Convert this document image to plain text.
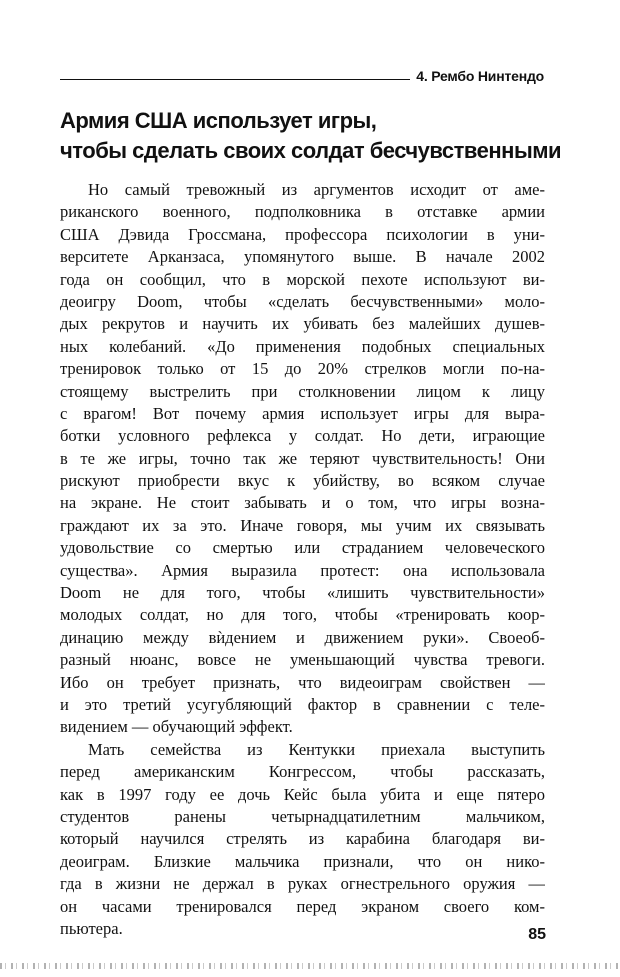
4. Рембо Нинтендо
Армия США использует игры,
чтобы сделать своих солдат бесчувственными
Но самый тревожный из аргументов исходит от аме-
риканского военного, подполковника в отставке армии
США Дэвида Гроссмана, профессора психологии в уни-
верситете Арканзаса, упомянутого выше. В начале 2002
года он сообщил, что в морской пехоте используют ви-
деоигру Doom, чтобы «сделать бесчувственными» моло-
дых рекрутов и научить их убивать без малейших душев-
ных колебаний. «До применения подобных специальных
тренировок только от 15 до 20% стрелков могли по-на-
стоящему выстрелить при столкновении лицом к лицу
с врагом! Вот почему армия использует игры для выра-
ботки условного рефлекса у солдат. Но дети, играющие
в те же игры, точно так же теряют чувствительность! Они
рискуют приобрести вкус к убийству, во всяком случае
на экране. Не стоит забывать и о том, что игры возна-
граждают их за это. Иначе говоря, мы учим их связывать
удовольствие со смертью или страданием человеческого
существа». Армия выразила протест: она использовала
Doom не для того, чтобы «лишить чувствительности»
молодых солдат, но для того, чтобы «тренировать коор-
динацию между вѝдением и движением руки». Своеоб-
разный нюанс, вовсе не уменьшающий чувства тревоги.
Ибо он требует признать, что видеоиграм свойствен —
и это третий усугубляющий фактор в сравнении с теле-
видением — обучающий эффект.
Мать семейства из Кентукки приехала выступить
перед американским Конгрессом, чтобы рассказать,
как в 1997 году ее дочь Кейс была убита и еще пятеро
студентов ранены четырнадцатилетним мальчиком,
который научился стрелять из карабина благодаря ви-
деоиграм. Близкие мальчика признали, что он нико-
гда в жизни не держал в руках огнестрельного оружия —
он часами тренировался перед экраном своего ком-
пьютера.	85
